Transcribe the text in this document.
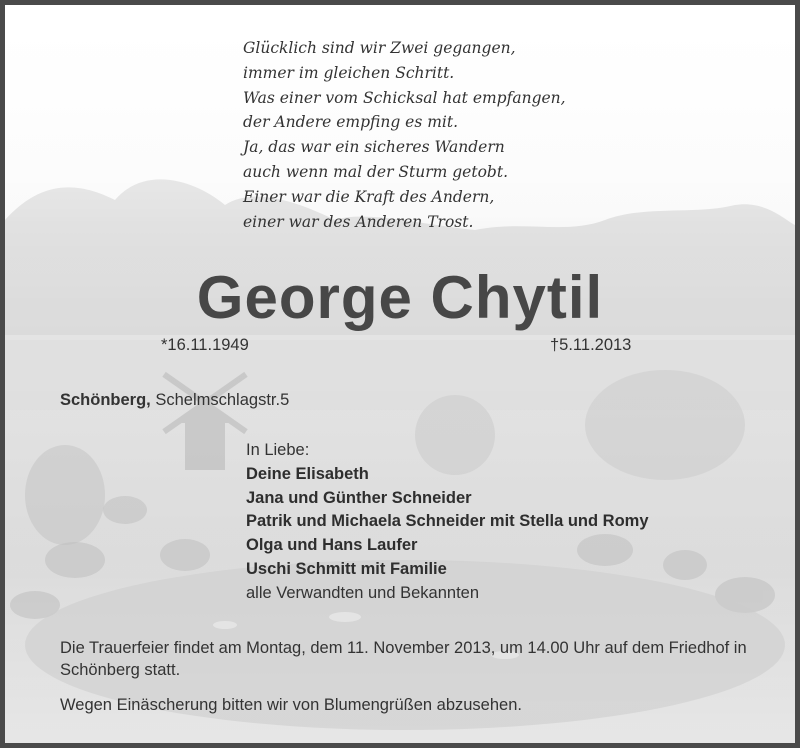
Glücklich sind wir Zwei gegangen,
immer im gleichen Schritt.
Was einer vom Schicksal hat empfangen,
der Andere empfing es mit.
Ja, das war ein sicheres Wandern
auch wenn mal der Sturm getobt.
Einer war die Kraft des Andern,
einer war des Anderen Trost.
George Chytil
*16.11.1949	†5.11.2013
Schönberg, Schelmschlagstr.5
In Liebe:
Deine Elisabeth
Jana und Günther Schneider
Patrik und Michaela Schneider mit Stella und Romy
Olga und Hans Laufer
Uschi Schmitt mit Familie
alle Verwandten und Bekannten

Die Trauerfeier findet am Montag, dem 11. November 2013, um 14.00 Uhr auf dem Friedhof in Schönberg statt.

Wegen Einäscherung bitten wir von Blumengrüßen abzusehen.
